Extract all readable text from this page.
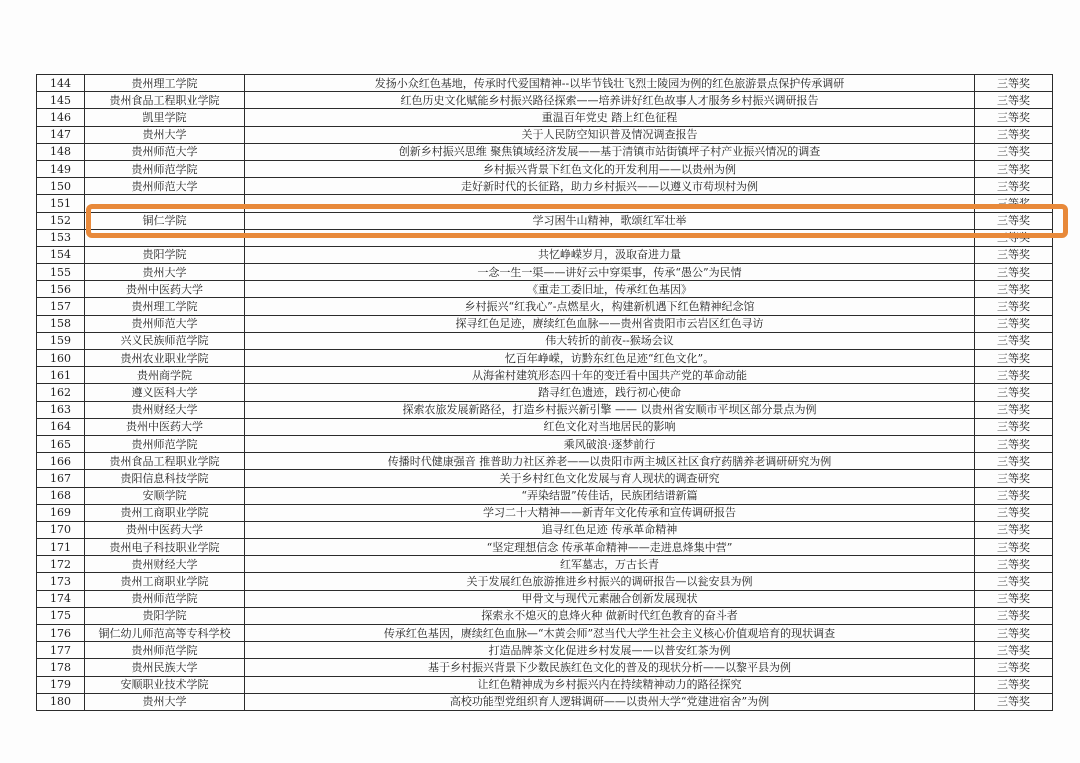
144	贵州理工学院	发扬小众红色基地，传承时代爱国精神--以毕节钱壮飞烈士陵园为例的红色旅游景点保护传承调研	三等奖
145	贵州食品工程职业学院	红色历史文化赋能乡村振兴路径探索——培养讲好红色故事人才服务乡村振兴调研报告	三等奖
146	凯里学院	重温百年党史 踏上红色征程	三等奖
147	贵州大学	关于人民防空知识普及情况调查报告	三等奖
148	贵州师范大学	创新乡村振兴思维 聚焦镇域经济发展——基于清镇市站街镇坪子村产业振兴情况的调查	三等奖
149	贵州师范学院	乡村振兴背景下红色文化的开发利用——以贵州为例	三等奖
150	贵州师范大学	走好新时代的长征路，助力乡村振兴——以遵义市苟坝村为例	三等奖
151			三等奖
152	铜仁学院	学习困牛山精神，歌颂红军壮举	三等奖
153			三等奖
154	贵阳学院	共忆峥嵘岁月，汲取奋进力量	三等奖
155	贵州大学	一念一生一渠——讲好云中穿渠事，传承“愚公”为民情	三等奖
156	贵州中医药大学	《重走工委旧址，传承红色基因》	三等奖
157	贵州理工学院	乡村振兴“红我心”-点燃星火，构建新机遇下红色精神纪念馆	三等奖
158	贵州师范大学	探寻红色足迹，赓续红色血脉——贵州省贵阳市云岩区红色寻访	三等奖
159	兴义民族师范学院	伟大转折的前夜--猴场会议	三等奖
160	贵州农业职业学院	忆百年峥嵘，访黔东红色足迹“红色文化”。	三等奖
161	贵州商学院	从海雀村建筑形态四十年的变迁看中国共产党的革命动能	三等奖
162	遵义医科大学	踏寻红色遗迹，践行初心使命	三等奖
163	贵州财经大学	探索农旅发展新路径，打造乡村振兴新引擎 —— 以贵州省安顺市平坝区部分景点为例	三等奖
164	贵州中医药大学	红色文化对当地居民的影响	三等奖
165	贵州师范学院	乘风破浪·逐梦前行	三等奖
166	贵州食品工程职业学院	传播时代健康强音 推普助力社区养老——以贵阳市两主城区社区食疗药膳养老调研研究为例	三等奖
167	贵阳信息科技学院	关于乡村红色文化发展与育人现状的调查研究	三等奖
168	安顺学院	“弄染结盟”传佳话，民族团结谱新篇	三等奖
169	贵州工商职业学院	学习二十大精神——新青年文化传承和宣传调研报告	三等奖
170	贵州中医药大学	追寻红色足迹 传承革命精神	三等奖
171	贵州电子科技职业学院	“坚定理想信念 传承革命精神——走进息烽集中营”	三等奖
172	贵州财经大学	红军墓志，万古长青	三等奖
173	贵州工商职业学院	关于发展红色旅游推进乡村振兴的调研报告—以瓮安县为例	三等奖
174	贵州师范学院	甲骨文与现代元素融合创新发展现状	三等奖
175	贵阳学院	探索永不熄灭的息烽火种 做新时代红色教育的奋斗者	三等奖
176	铜仁幼儿师范高等专科学校	传承红色基因，赓续红色血脉—“木黄会师”怼当代大学生社会主义核心价值观培育的现状调查	三等奖
177	贵州师范学院	打造品牌茶文化促进乡村发展——以普安红茶为例	三等奖
178	贵州民族大学	基于乡村振兴背景下少数民族红色文化的普及的现状分析——以黎平县为例	三等奖
179	安顺职业技术学院	让红色精神成为乡村振兴内在持续精神动力的路径探究	三等奖
180	贵州大学	高校功能型党组织育人逻辑调研——以贵州大学“党建进宿舍”为例	三等奖
